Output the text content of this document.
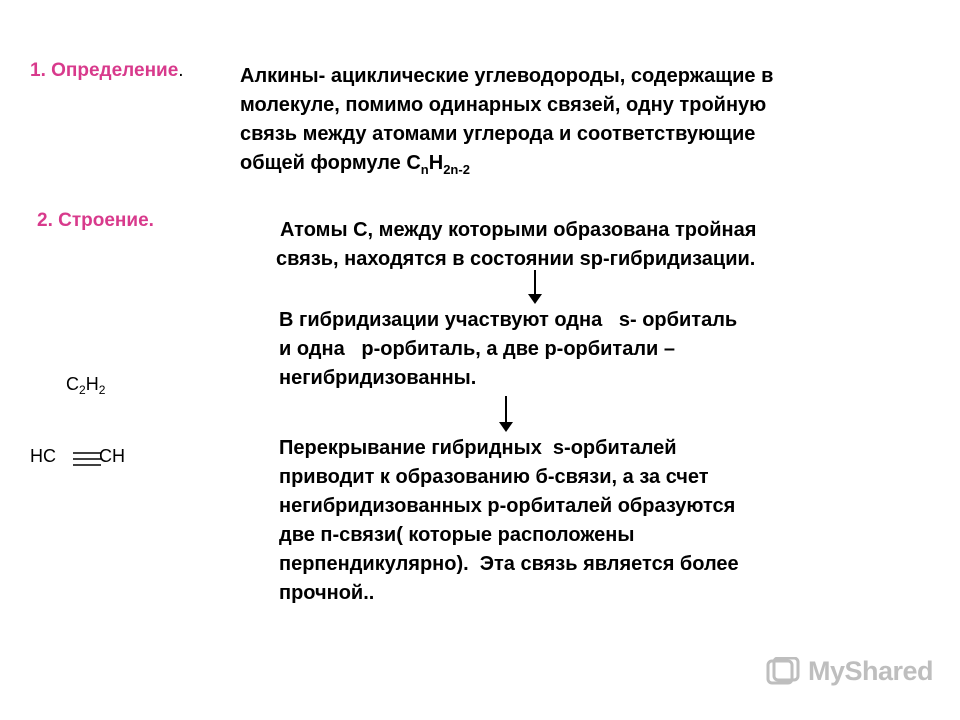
1. Определение.	Алкины- ациклические углеводороды, содержащие в
молекуле, помимо одинарных связей, одну тройную
связь между атомами углерода и соответствующие
общей формуле $C_nH_{2n-2}$
2. Строение.	Атомы С, между которыми образована тройная
связь, находятся в состоянии sp-гибридизации.
В гибридизации участвуют одна   s- орбиталь
и одна   p-орбиталь, а две р-орбитали –
негибридизованны.
Перекрывание гибридных  s-орбиталей
приводит к образованию б-связи, а за счет
негибридизованных р-орбиталей образуются
две п-связи( которые расположены
перпендикулярно).  Эта связь является более
прочной..
$C_2H_2$
HC CH
MyShared
